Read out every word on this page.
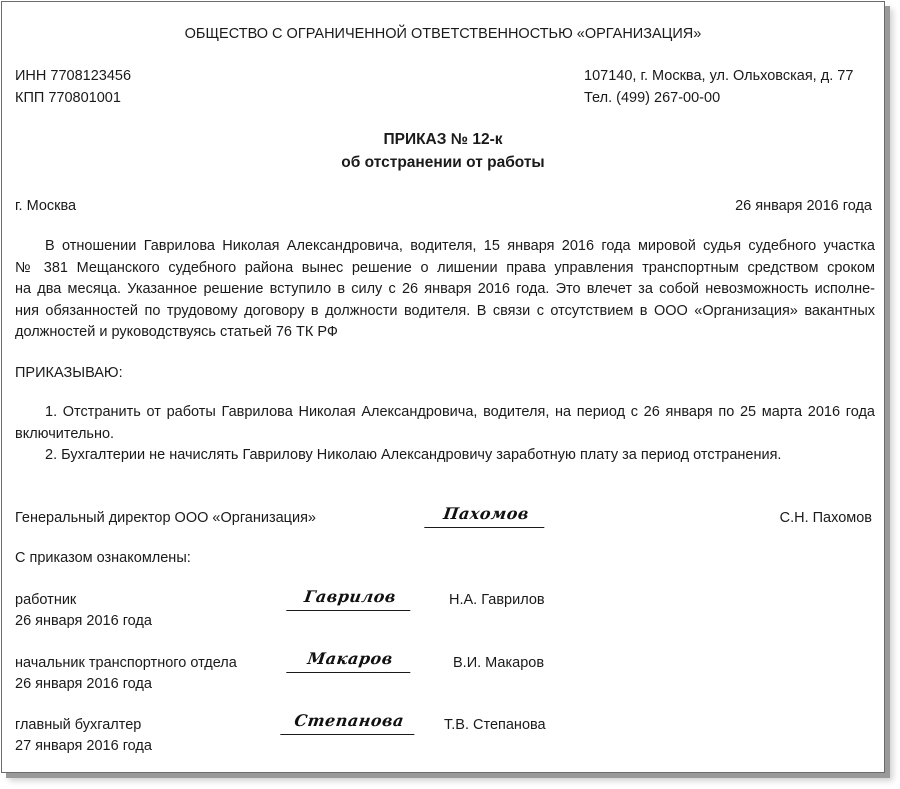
ОБЩЕСТВО С ОГРАНИЧЕННОЙ ОТВЕТСТВЕННОСТЬЮ «ОРГАНИЗАЦИЯ»
ИНН 7708123456
КПП 770801001
107140, г. Москва, ул. Ольховская, д. 77
Тел. (499) 267-00-00
ПРИКАЗ № 12-к
об отстранении от работы
г. Москва	26 января 2016 года
В отношении Гаврилова Николая Александровича, водителя, 15 января 2016 года мировой судья судебного участка
№ 381 Мещанского судебного района вынес решение о лишении права управления транспортным средством сроком
на два месяца. Указанное решение вступило в силу с 26 января 2016 года. Это влечет за собой невозможность исполне-
ния обязанностей по трудовому договору в должности водителя. В связи с отсутствием в ООО «Организация» вакантных
должностей и руководствуясь статьей 76 ТК РФ
ПРИКАЗЫВАЮ:
1. Отстранить от работы Гаврилова Николая Александровича, водителя, на период с 26 января по 25 марта 2016 года
включительно.
2. Бухгалтерии не начислять Гаврилову Николаю Александровичу заработную плату за период отстранения.
Генеральный директор ООО «Организация»	Пахомов	С.Н. Пахомов
С приказом ознакомлены:
работник	Гаврилов	Н.А. Гаврилов
26 января 2016 года
начальник транспортного отдела	Макаров	В.И. Макаров
26 января 2016 года
главный бухгалтер	Степанова	Т.В. Степанова
27 января 2016 года
